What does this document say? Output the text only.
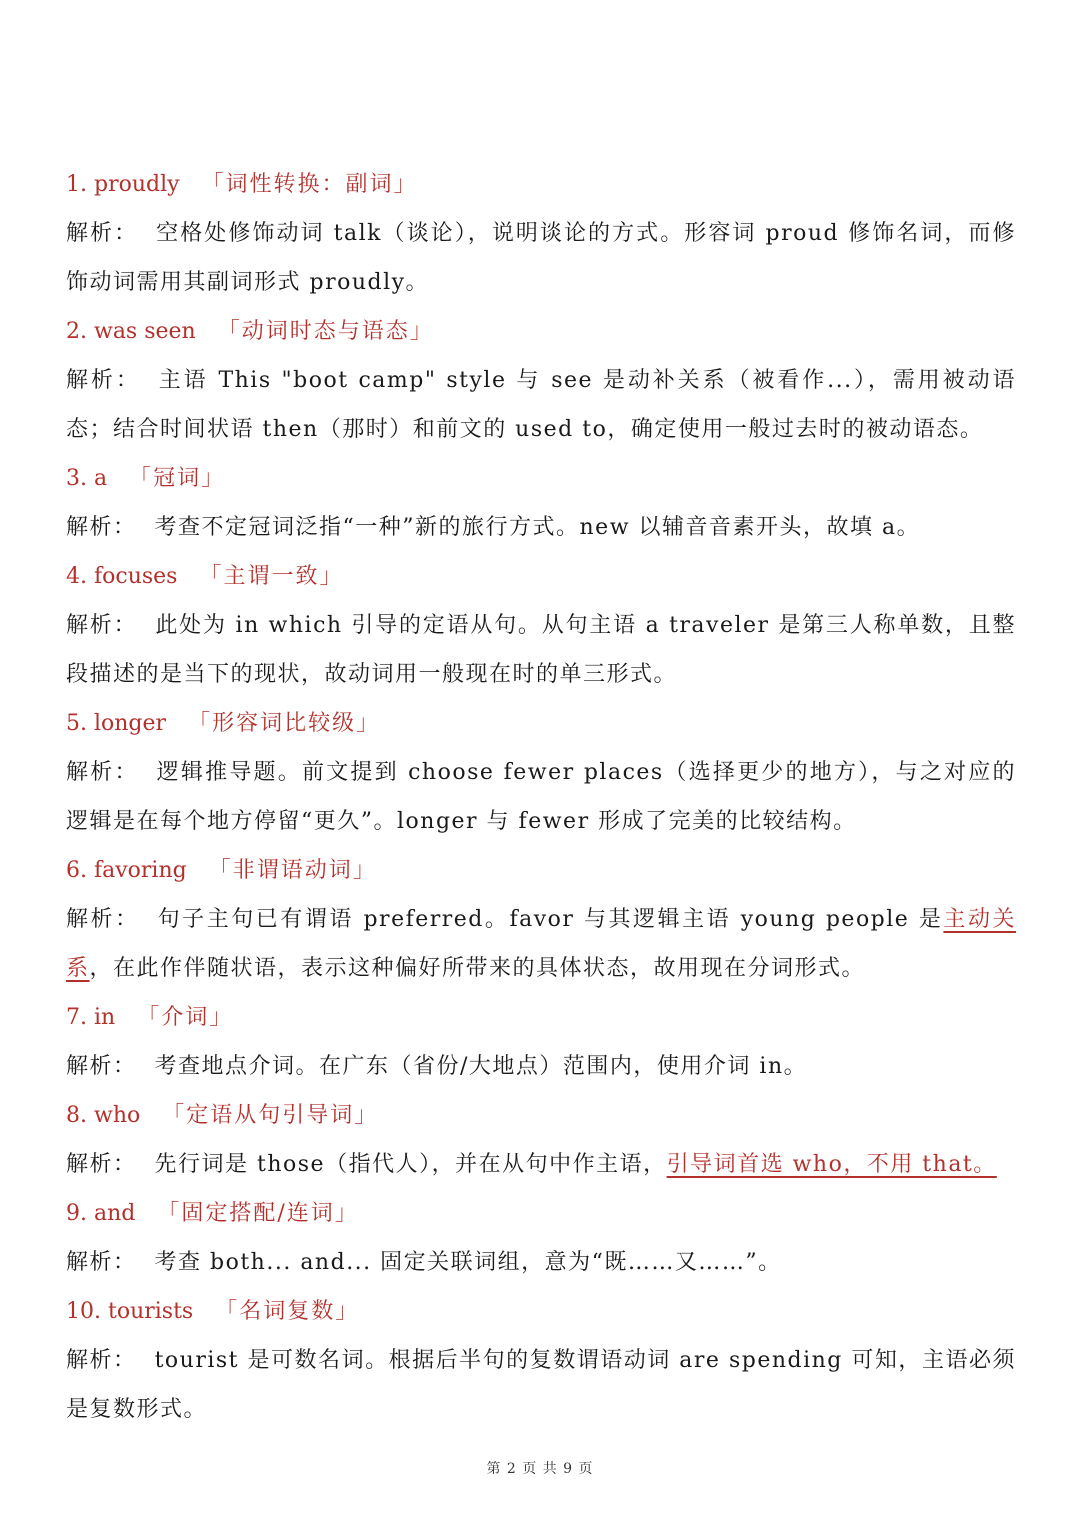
1. proudly 「词性转换：副词」

解析： 空格处修饰动词 talk（谈论），说明谈论的方式。形容词 proud 修饰名词，而修饰动词需用其副词形式 proudly。

2. was seen 「动词时态与语态」

解析： 主语 This "boot camp" style 与 see 是动补关系（被看作...），需用被动语态；结合时间状语 then（那时）和前文的 used to，确定使用一般过去时的被动语态。

3. a 「冠词」

解析： 考查不定冠词泛指“一种”新的旅行方式。new 以辅音音素开头，故填 a。

4. focuses 「主谓一致」

解析： 此处为 in which 引导的定语从句。从句主语 a traveler 是第三人称单数，且整段描述的是当下的现状，故动词用一般现在时的单三形式。

5. longer 「形容词比较级」

解析： 逻辑推导题。前文提到 choose fewer places（选择更少的地方），与之对应的逻辑是在每个地方停留“更久”。longer 与 fewer 形成了完美的比较结构。

6. favoring 「非谓语动词」

解析： 句子主句已有谓语 preferred。favor 与其逻辑主语 young people 是主动关系，在此作伴随状语，表示这种偏好所带来的具体状态，故用现在分词形式。

7. in 「介词」

解析： 考查地点介词。在广东（省份/大地点）范围内，使用介词 in。

8. who 「定语从句引导词」

解析： 先行词是 those（指代人），并在从句中作主语，引导词首选 who，不用 that。

9. and 「固定搭配/连词」

解析： 考查 both... and... 固定关联词组，意为“既……又……”。

10. tourists 「名词复数」

解析： tourist 是可数名词。根据后半句的复数谓语动词 are spending 可知，主语必须是复数形式。

第 2 页 共 9 页
